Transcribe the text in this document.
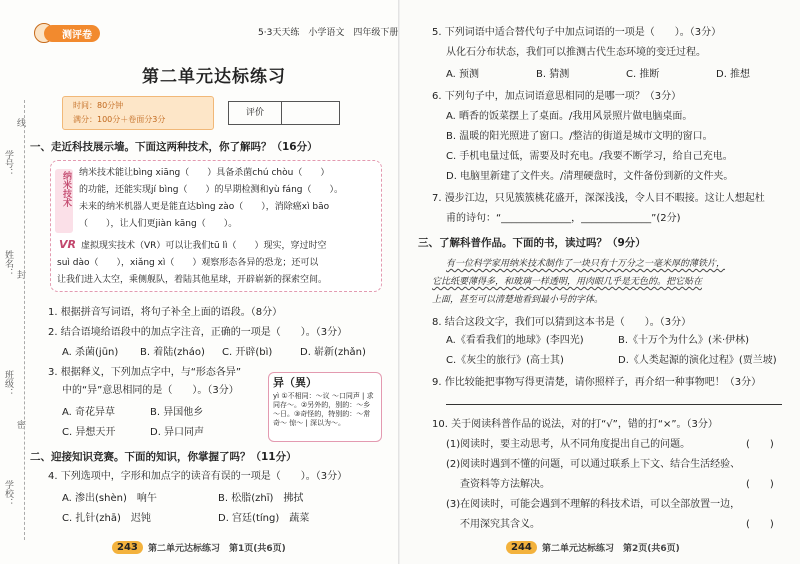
线
学号：
姓名： 封
班级：
密
学校：
测评卷	5·3天天练　小学语文　四年级下册
第二单元达标练习
时间：80分钟
满分：100分＋卷面分3分
评价
一、走近科技展示墙。下面这两种技术，你了解吗？（16分）
纳米技术 纳米技术能让bìng xiāng（　　）具备杀菌chú chòu（　　）
的功能，还能实现jí bìng（　　）的早期检测和yù fáng（　　）。
未来的纳米机器人更是能直达bìng zào（　　），消除癌xì bāo
（　　），让人们更jiàn kāng（　　）。
VR 虚拟现实技术（VR）可以让我们tū lì（　　）现实，穿过时空
suì dào（　　），xiǎng xì（　　）观察形态各异的恐龙；还可以
让我们进入太空，乘侧舰队，着陆其他星球，开辟崭新的探索空间。
1. 根据拼音写词语，将句子补全上面的语段。（8分）
2. 结合语境给语段中的加点字注音，正确的一项是（　　）。（3分）
A. 杀菌(jūn) B. 着陆(zháo) C. 开辟(bì)	D. 崭新(zhǎn)
3. 根据释义，下列加点字中，与“形态各异”
中的“异”意思相同的是（　　）。（3分）
A. 奇花异草	B. 异国他乡
C. 异想天开	D. 异口同声
异（異）
yì ①不相同：～议 ～口同声 | 求同存～。②另外的，别的：～乡 ～日。③奇怪的，特别的：～常 奇～ 惊～ | 深以为～。
二、迎接知识竞赛。下面的知识，你掌握了吗？（11分）
4. 下列选项中，字形和加点字的读音有误的一项是（　　）。（3分）
A. 渗出(shèn)　响午	B. 松脂(zhī)　拂拭
C. 扎针(zhā)　迟钝	D. 宫廷(tíng)　蔬菜
243	第二单元达标练习　第1页(共6页)
5. 下列词语中适合替代句子中加点词语的一项是（　　）。（3分）
从化石分布状态，我们可以推测古代生态环境的变迁过程。
A. 预测	B. 猜测	C. 推断	D. 推想
6. 下列句子中，加点词语意思相同的是哪一项？（3分）
A. 晒香的饭菜摆上了桌面。/我用风景照片做电脑桌面。
B. 温暖的阳光照进了窗口。/整洁的街道是城市文明的窗口。
C. 手机电量过低，需要及时充电。/我要不断学习，给自己充电。
D. 电脑里新建了文件夹。/清理硬盘时，文件备份到新的文件夹。
7. 漫步江边，只见簇簇桃花盛开，深深浅浅，令人目不暇接。这让人想起杜
甫的诗句：“______________，______________”(2分)
三、了解科普作品。下面的书，读过吗？（9分）
有一位科学家用纳米技术制作了一块只有十万分之一毫米厚的薄铁片，
它比纸要薄得多，和玻璃一样透明，用肉眼几乎是无色的。把它贴在
上面，甚至可以清楚地看到最小号的字体。
8. 结合这段文字，我们可以猜到这本书是（　　）。（3分）
A.《看看我们的地球》(李四光)	B.《十万个为什么》(米·伊林)
C.《灰尘的旅行》(高士其)	D.《人类起源的演化过程》(贾兰坡)
9. 作比较能把事物写得更清楚，请你照样子，再介绍一种事物吧！（3分）
10. 关于阅读科普作品的说法，对的打“√”，错的打“×”。（3分）
(1)阅读时，要主动思考，从不同角度提出自己的问题。	(　　)
(2)阅读时遇到不懂的问题，可以通过联系上下文、结合生活经验、
查资料等方法解决。	(　　)
(3)在阅读时，可能会遇到不理解的科技术语，可以全部放置一边，
不用深究其含义。	(　　)
244	第二单元达标练习　第2页(共6页)
